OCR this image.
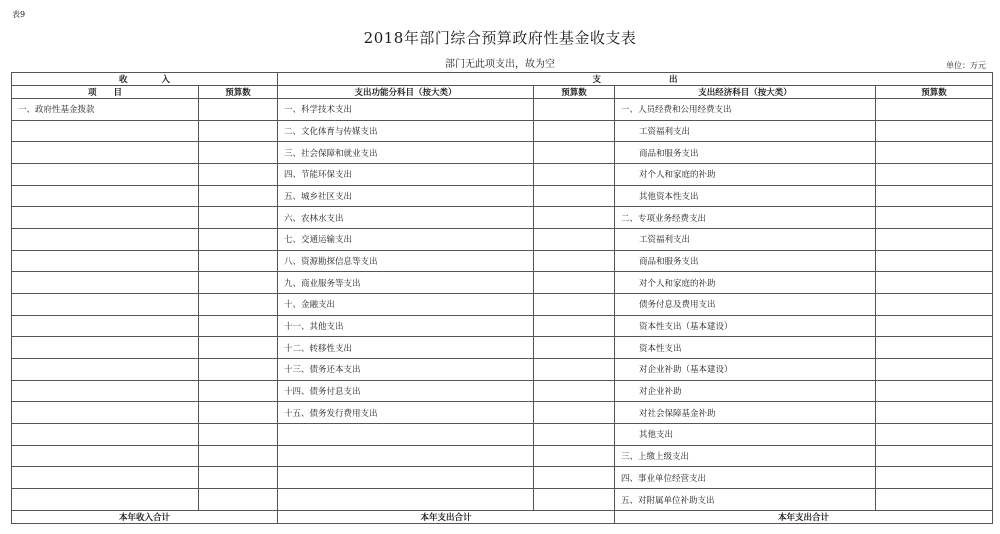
表9
2018年部门综合预算政府性基金收支表
部门无此项支出，故为空	单位：万元
收　　　　入		支　　　　　　　　出			
项　　目	预算数	支出功能分科目（按大类）	预算数	支出经济科目（按大类）	预算数
一、政府性基金拨款		一、科学技术支出		一、人员经费和公用经费支出	
		二、文化体育与传媒支出		工资福利支出	
		三、社会保障和就业支出		商品和服务支出	
		四、节能环保支出		对个人和家庭的补助	
		五、城乡社区支出		其他资本性支出	
		六、农林水支出		二、专项业务经费支出	
		七、交通运输支出		工资福利支出	
		八、资源勘探信息等支出		商品和服务支出	
		九、商业服务等支出		对个人和家庭的补助	
		十、金融支出		债务付息及费用支出	
		十一、其他支出		资本性支出（基本建设）	
		十二、转移性支出		资本性支出	
		十三、债务还本支出		对企业补助（基本建设）	
		十四、债务付息支出		对企业补助	
		十五、债务发行费用支出		对社会保障基金补助	
				其他支出	
				三、上缴上级支出	
				四、事业单位经营支出	
				五、对附属单位补助支出	
本年收入合计		本年支出合计		本年支出合计	
